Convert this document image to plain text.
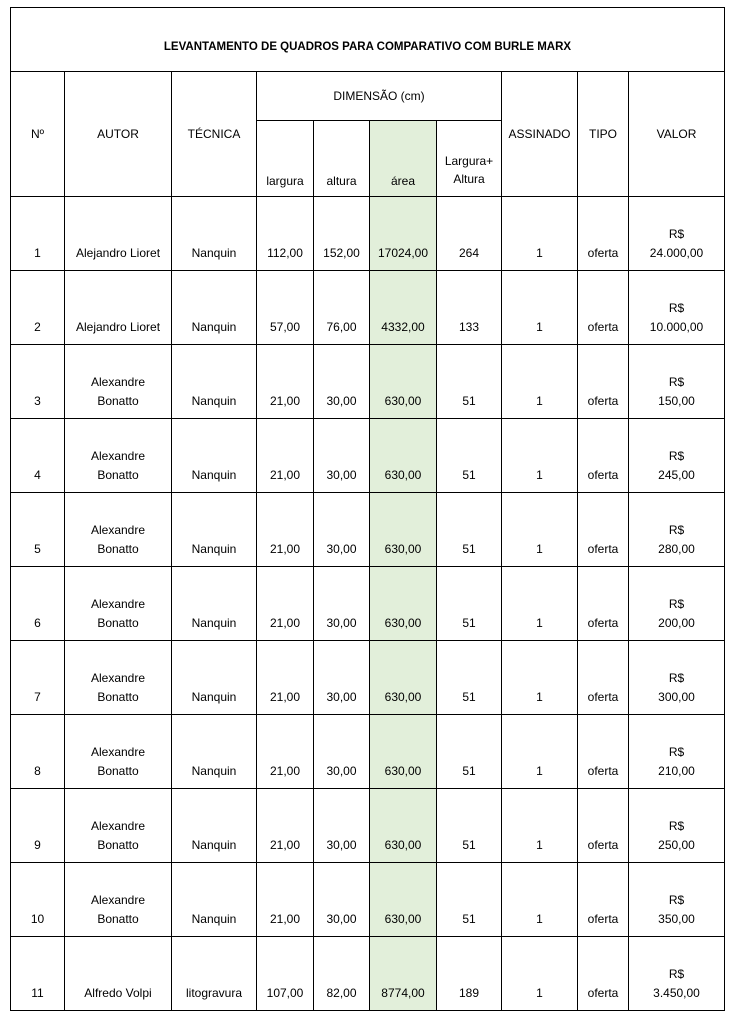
LEVANTAMENTO DE QUADROS PARA COMPARATIVO COM BURLE MARX									
Nº	AUTOR	TÉCNICA	DIMENSÃO (cm)				ASSINADO	TIPO	VALOR
			largura	altura	área	Largura+
Altura			
1	Alejandro Lioret	Nanquin	112,00	152,00	17024,00	264	1	oferta	R$
24.000,00
2	Alejandro Lioret	Nanquin	57,00	76,00	4332,00	133	1	oferta	R$
10.000,00
3	Alexandre
Bonatto	Nanquin	21,00	30,00	630,00	51	1	oferta	R$
150,00
4	Alexandre
Bonatto	Nanquin	21,00	30,00	630,00	51	1	oferta	R$
245,00
5	Alexandre
Bonatto	Nanquin	21,00	30,00	630,00	51	1	oferta	R$
280,00
6	Alexandre
Bonatto	Nanquin	21,00	30,00	630,00	51	1	oferta	R$
200,00
7	Alexandre
Bonatto	Nanquin	21,00	30,00	630,00	51	1	oferta	R$
300,00
8	Alexandre
Bonatto	Nanquin	21,00	30,00	630,00	51	1	oferta	R$
210,00
9	Alexandre
Bonatto	Nanquin	21,00	30,00	630,00	51	1	oferta	R$
250,00
10	Alexandre
Bonatto	Nanquin	21,00	30,00	630,00	51	1	oferta	R$
350,00
11	Alfredo Volpi	litogravura	107,00	82,00	8774,00	189	1	oferta	R$
3.450,00
